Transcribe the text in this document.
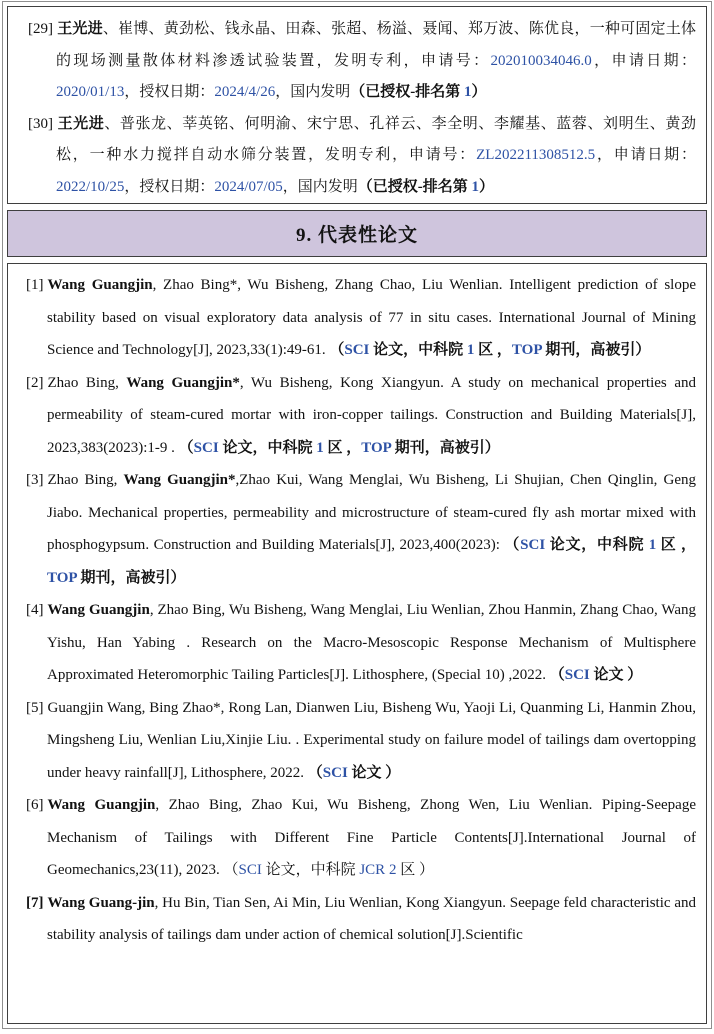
[29] 王光进、崔博、黄劲松、钱永晶、田森、张超、杨溢、聂闻、郑万波、陈优良，一种可固定土体的现场测量散体材料渗透试验装置，发明专利，申请号：202010034046.0，申请日期：2020/01/13，授权日期：2024/4/26，国内发明（已授权-排名第 1）
[30] 王光进、普张龙、莘英铭、何明渝、宋宁思、孔祥云、李全明、李耀基、蓝蓉、刘明生、黄劲松，一种水力搅拌自动水筛分装置，发明专利，申请号：ZL202211308512.5，申请日期：2022/10/25，授权日期：2024/07/05，国内发明（已授权-排名第 1）
9. 代表性论文
[1] Wang Guangjin, Zhao Bing*, Wu Bisheng, Zhang Chao, Liu Wenlian. Intelligent prediction of slope stability based on visual exploratory data analysis of 77 in situ cases. International Journal of Mining Science and Technology[J], 2023,33(1):49-61. （SCI 论文，中科院 1 区 ，TOP 期刊，高被引）
[2] Zhao Bing, Wang Guangjin*, Wu Bisheng, Kong Xiangyun. A study on mechanical properties and permeability of steam-cured mortar with iron-copper tailings. Construction and Building Materials[J], 2023,383(2023):1-9 . （SCI 论文，中科院 1 区 ，TOP 期刊，高被引）
[3] Zhao Bing, Wang Guangjin*,Zhao Kui, Wang Menglai, Wu Bisheng, Li Shujian, Chen Qinglin, Geng Jiabo. Mechanical properties, permeability and microstructure of steam-cured fly ash mortar mixed with phosphogypsum. Construction and Building Materials[J], 2023,400(2023): （SCI 论文，中科院 1 区 ，TOP 期刊，高被引）
[4] Wang Guangjin, Zhao Bing, Wu Bisheng, Wang Menglai, Liu Wenlian, Zhou Hanmin, Zhang Chao, Wang Yishu, Han Yabing . Research on the Macro-Mesoscopic Response Mechanism of Multisphere Approximated Heteromorphic Tailing Particles[J]. Lithosphere, (Special 10) ,2022. （SCI 论文 ）
[5] Guangjin Wang, Bing Zhao*, Rong Lan, Dianwen Liu, Bisheng Wu, Yaoji Li, Quanming Li, Hanmin Zhou, Mingsheng Liu, Wenlian Liu,Xinjie Liu. . Experimental study on failure model of tailings dam overtopping under heavy rainfall[J], Lithosphere, 2022. （SCI 论文 ）
[6] Wang Guangjin, Zhao Bing, Zhao Kui, Wu Bisheng, Zhong Wen, Liu Wenlian. Piping-Seepage Mechanism of Tailings with Different Fine Particle Contents[J].International Journal of Geomechanics,23(11), 2023. （SCI 论文，中科院 JCR 2 区 ）
[7] Wang Guang-jin, Hu Bin, Tian Sen, Ai Min, Liu Wenlian, Kong Xiangyun. Seepage feld characteristic and stability analysis of tailings dam under action of chemical solution[J].Scientific
